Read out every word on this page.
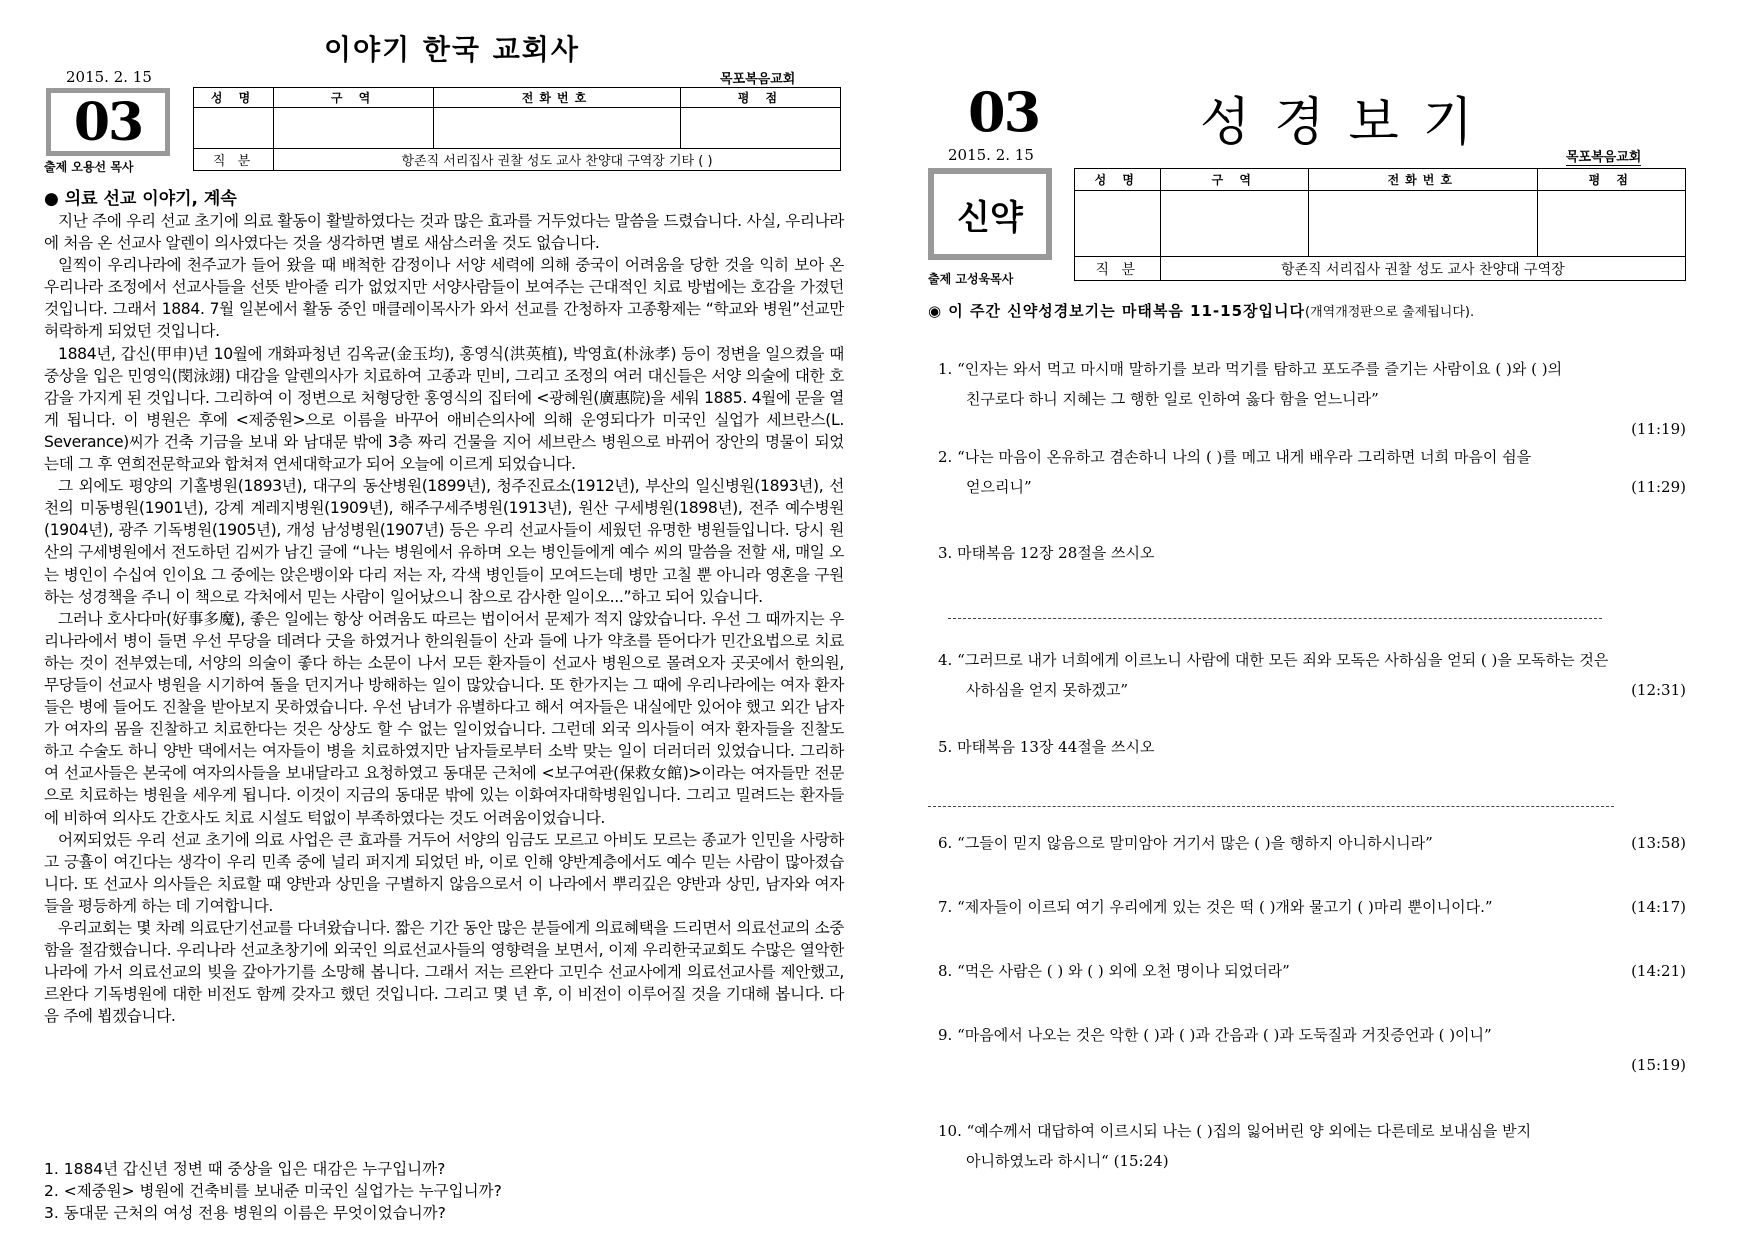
이야기 한국 교회사
2015. 2. 15	목포복음교회
03
출제 오용선 목사
성 명	구 역	전화번호	평 점

직 분	항존직 서리집사 권찰 성도 교사 찬양대 구역장 기타 ( )		
● 의료 선교 이야기, 계속

지난 주에 우리 선교 초기에 의료 활동이 활발하였다는 것과 많은 효과를 거두었다는 말씀을 드렸습니다. 사실, 우리나라에 처음 온 선교사 알렌이 의사였다는 것을 생각하면 별로 새삼스러울 것도 없습니다.

일찍이 우리나라에 천주교가 들어 왔을 때 배척한 감정이나 서양 세력에 의해 중국이 어려움을 당한 것을 익히 보아 온 우리나라 조정에서 선교사들을 선뜻 받아줄 리가 없었지만 서양사람들이 보여주는 근대적인 치료 방법에는 호감을 가졌던 것입니다. 그래서 1884. 7월 일본에서 활동 중인 매클레이목사가 와서 선교를 간청하자 고종황제는 “학교와 병원”선교만 허락하게 되었던 것입니다.

1884년, 갑신(甲申)년 10월에 개화파청년 김옥균(金玉均), 홍영식(洪英植), 박영효(朴泳孝) 등이 정변을 일으켰을 때 중상을 입은 민영익(閔泳翊) 대감을 알렌의사가 치료하여 고종과 민비, 그리고 조정의 여러 대신들은 서양 의술에 대한 호감을 가지게 된 것입니다. 그리하여 이 정변으로 처형당한 홍영식의 집터에 <광혜원(廣惠院)을 세워 1885. 4월에 문을 열게 됩니다. 이 병원은 후에 <제중원>으로 이름을 바꾸어 애비슨의사에 의해 운영되다가 미국인 실업가 세브란스(L. Severance)씨가 건축 기금을 보내 와 남대문 밖에 3층 짜리 건물을 지어 세브란스 병원으로 바뀌어 장안의 명물이 되었는데 그 후 연희전문학교와 합쳐져 연세대학교가 되어 오늘에 이르게 되었습니다.

그 외에도 평양의 기홀병원(1893년), 대구의 동산병원(1899년), 청주진료소(1912년), 부산의 일신병원(1893년), 선천의 미동병원(1901년), 강계 계레지병원(1909년), 해주구세주병원(1913년), 원산 구세병원(1898년), 전주 예수병원(1904년), 광주 기독병원(1905년), 개성 남성병원(1907년) 등은 우리 선교사들이 세웠던 유명한 병원들입니다. 당시 원산의 구세병원에서 전도하던 김씨가 남긴 글에 “나는 병원에서 유하며 오는 병인들에게 예수 씨의 말씀을 전할 새, 매일 오는 병인이 수십여 인이요 그 중에는 앉은뱅이와 다리 저는 자, 각색 병인들이 모여드는데 병만 고칠 뿐 아니라 영혼을 구원하는 성경책을 주니 이 책으로 각처에서 믿는 사람이 일어났으니 참으로 감사한 일이오...”하고 되어 있습니다.

그러나 호사다마(好事多魔), 좋은 일에는 항상 어려움도 따르는 법이어서 문제가 적지 않았습니다. 우선 그 때까지는 우리나라에서 병이 들면 우선 무당을 데려다 굿을 하였거나 한의원들이 산과 들에 나가 약초를 뜯어다가 민간요법으로 치료하는 것이 전부였는데, 서양의 의술이 좋다 하는 소문이 나서 모든 환자들이 선교사 병원으로 몰려오자 곳곳에서 한의원, 무당들이 선교사 병원을 시기하여 돌을 던지거나 방해하는 일이 많았습니다. 또 한가지는 그 때에 우리나라에는 여자 환자들은 병에 들어도 진찰을 받아보지 못하였습니다. 우선 남녀가 유별하다고 해서 여자들은 내실에만 있어야 했고 외간 남자가 여자의 몸을 진찰하고 치료한다는 것은 상상도 할 수 없는 일이었습니다. 그런데 외국 의사들이 여자 환자들을 진찰도 하고 수술도 하니 양반 댁에서는 여자들이 병을 치료하였지만 남자들로부터 소박 맞는 일이 더러더러 있었습니다. 그리하여 선교사들은 본국에 여자의사들을 보내달라고 요청하였고 동대문 근처에 <보구여관(保救女館)>이라는 여자들만 전문으로 치료하는 병원을 세우게 됩니다. 이것이 지금의 동대문 밖에 있는 이화여자대학병원입니다. 그리고 밀려드는 환자들에 비하여 의사도 간호사도 치료 시설도 턱없이 부족하였다는 것도 어려움이었습니다.

어찌되었든 우리 선교 초기에 의료 사업은 큰 효과를 거두어 서양의 임금도 모르고 아비도 모르는 종교가 인민을 사랑하고 긍휼이 여긴다는 생각이 우리 민족 중에 널리 퍼지게 되었던 바, 이로 인해 양반계층에서도 예수 믿는 사람이 많아졌습니다. 또 선교사 의사들은 치료할 때 양반과 상민을 구별하지 않음으로서 이 나라에서 뿌리깊은 양반과 상민, 남자와 여자들을 평등하게 하는 데 기여합니다.

우리교회는 몇 차례 의료단기선교를 다녀왔습니다. 짧은 기간 동안 많은 분들에게 의료혜택을 드리면서 의료선교의 소중함을 절감했습니다. 우리나라 선교초창기에 외국인 의료선교사들의 영향력을 보면서, 이제 우리한국교회도 수많은 열악한 나라에 가서 의료선교의 빚을 갚아가기를 소망해 봅니다. 그래서 저는 르완다 고민수 선교사에게 의료선교사를 제안했고, 르완다 기독병원에 대한 비전도 함께 갖자고 했던 것입니다. 그리고 몇 년 후, 이 비전이 이루어질 것을 기대해 봅니다. 다음 주에 뵙겠습니다.

1. 1884년 갑신년 정변 때 중상을 입은 대감은 누구입니까?
2. <제중원> 병원에 건축비를 보내준 미국인 실업가는 누구입니까?
3. 동대문 근처의 여성 전용 병원의 이름은 무엇이었습니까?
03	성경보기
2015. 2. 15	목포복음교회
신약
출제 고성욱목사
성 명	구 역	전화번호	평 점

직 분	항존직 서리집사 권찰 성도 교사 찬양대 구역장		
◉ 이 주간 신약성경보기는 마태복음 11-15장입니다(개역개정판으로 출제됩니다).
1. “인자는 와서 먹고 마시매 말하기를 보라 먹기를 탐하고 포도주를 즐기는 사람이요 ( )와 ( )의
친구로다 하니 지혜는 그 행한 일로 인하여 옳다 함을 얻느니라”
(11:19)
2. “나는 마음이 온유하고 겸손하니 나의 ( )를 메고 내게 배우라 그리하면 너희 마음이 쉼을
얻으리니”	(11:29)
3. 마태복음 12장 28절을 쓰시오
4. “그러므로 내가 너희에게 이르노니 사람에 대한 모든 죄와 모독은 사하심을 얻되 ( )을 모독하는 것은
사하심을 얻지 못하겠고”	(12:31)
5. 마태복음 13장 44절을 쓰시오
6. “그들이 믿지 않음으로 말미암아 거기서 많은 ( )을 행하지 아니하시니라”	(13:58)
7. “제자들이 이르되 여기 우리에게 있는 것은 떡 ( )개와 물고기 ( )마리 뿐이니이다.”	(14:17)
8. “먹은 사람은 ( ) 와 ( ) 외에 오천 명이나 되었더라”	(14:21)
9. “마음에서 나오는 것은 악한 ( )과 ( )과 간음과 ( )과 도둑질과 거짓증언과 ( )이니”
(15:19)
10. “예수께서 대답하여 이르시되 나는 ( )집의 잃어버린 양 외에는 다른데로 보내심을 받지
아니하였노라 하시니“ (15:24)
